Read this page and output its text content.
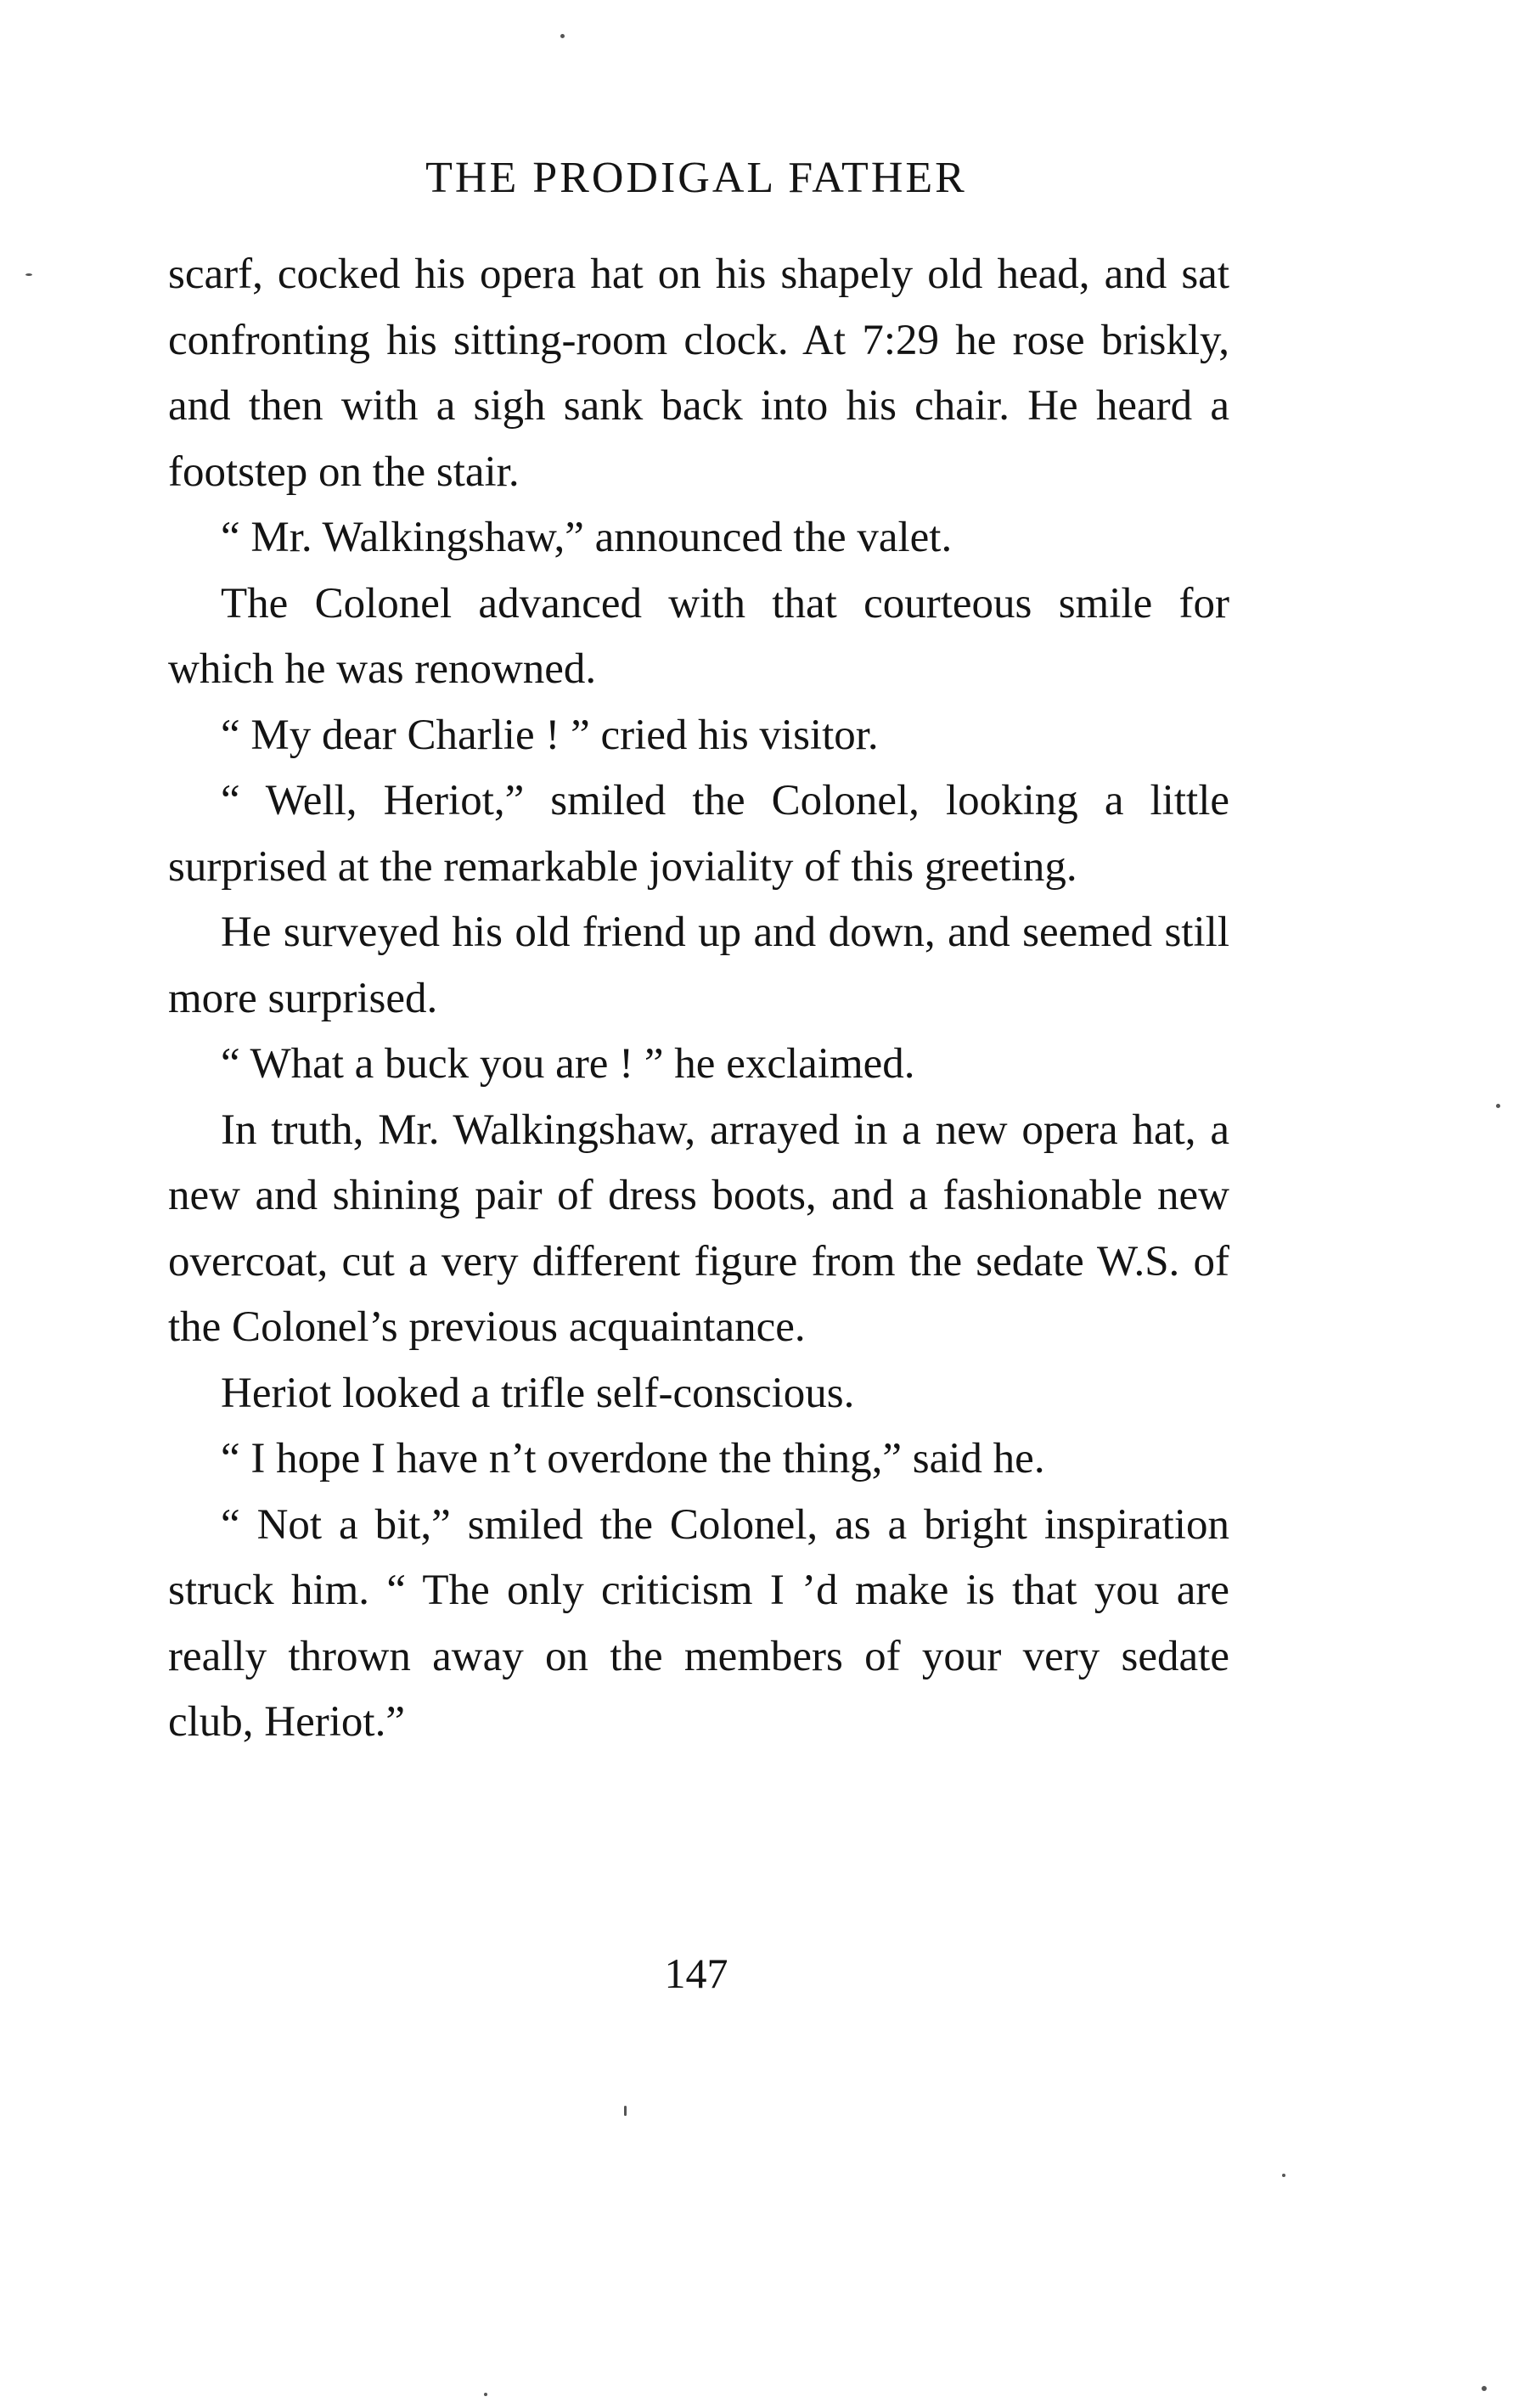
THE PRODIGAL FATHER

scarf, cocked his opera hat on his shapely old head, and sat confronting his sitting-room clock. At 7:29 he rose briskly, and then with a sigh sank back into his chair. He heard a footstep on the stair.

“ Mr. Walkingshaw,” announced the valet.

The Colonel advanced with that courteous smile for which he was renowned.

“ My dear Charlie ! ” cried his visitor.

“ Well, Heriot,” smiled the Colonel, looking a little surprised at the remarkable joviality of this greeting.

He surveyed his old friend up and down, and seemed still more surprised.

“ What a buck you are ! ” he exclaimed.

In truth, Mr. Walkingshaw, arrayed in a new opera hat, a new and shining pair of dress boots, and a fashionable new overcoat, cut a very different figure from the sedate W.S. of the Colonel’s previous acquaintance.

Heriot looked a trifle self-conscious.

“ I hope I have n’t overdone the thing,” said he.

“ Not a bit,” smiled the Colonel, as a bright inspiration struck him. “ The only criticism I ’d make is that you are really thrown away on the members of your very sedate club, Heriot.”

147
